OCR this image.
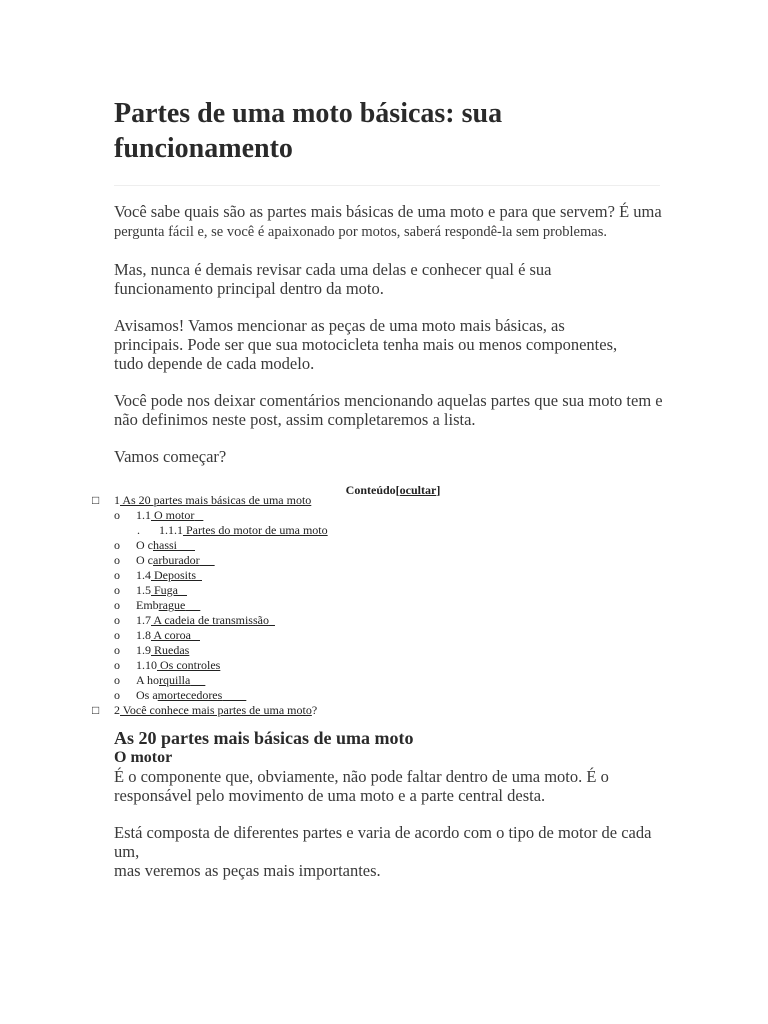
Partes de uma moto básicas: sua funcionamento

Você sabe quais são as partes mais básicas de uma moto e para que servem? É uma
pergunta fácil e, se você é apaixonado por motos, saberá respondê-la sem problemas.

Mas, nunca é demais revisar cada uma delas e conhecer qual é sua
funcionamento principal dentro da moto.

Avisamos! Vamos mencionar as peças de uma moto mais básicas, as
principais. Pode ser que sua motocicleta tenha mais ou menos componentes,
tudo depende de cada modelo.

Você pode nos deixar comentários mencionando aquelas partes que sua moto tem e
não definimos neste post, assim completaremos a lista.

Vamos começar?

Conteúdo[ocultar]
□ 1 As 20 partes mais básicas de uma moto
o 1.1 O motor
. 1.1.1 Partes do motor de uma moto
o O chassi
o O carburador
o 1.4 Deposits
o 1.5 Fuga
o Embrague
o 1.7 A cadeia de transmissão
o 1.8 A coroa
o 1.9 Ruedas
o 1.10 Os controles
o A horquilla
o Os amortecedores
□ 2 Você conhece mais partes de uma moto?
As 20 partes mais básicas de uma moto
O motor

É o componente que, obviamente, não pode faltar dentro de uma moto. É o
responsável pelo movimento de uma moto e a parte central desta.

Está composta de diferentes partes e varia de acordo com o tipo de motor de cada um,
mas veremos as peças mais importantes.
